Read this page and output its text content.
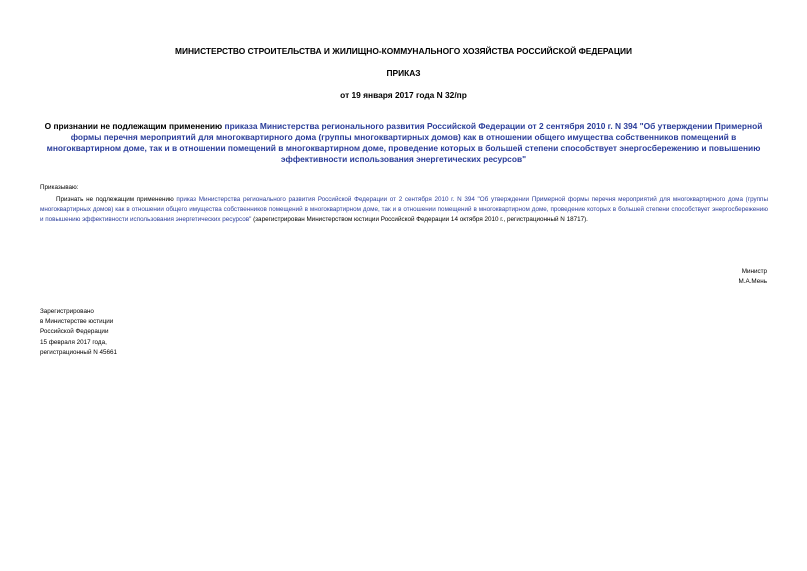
МИНИСТЕРСТВО СТРОИТЕЛЬСТВА И ЖИЛИЩНО-КОММУНАЛЬНОГО ХОЗЯЙСТВА РОССИЙСКОЙ ФЕДЕРАЦИИ
ПРИКАЗ
от 19 января 2017 года N 32/пр
О признании не подлежащим применению приказа Министерства регионального развития Российской Федерации от 2 сентября 2010 г. N 394 "Об утверждении Примерной формы перечня мероприятий для многоквартирного дома (группы многоквартирных домов) как в отношении общего имущества собственников помещений в многоквартирном доме, так и в отношении помещений в многоквартирном доме, проведение которых в большей степени способствует энергосбережению и повышению эффективности использования энергетических ресурсов"
Приказываю:
Признать не подлежащим применению приказ Министерства регионального развития Российской Федерации от 2 сентября 2010 г. N 394 "Об утверждении Примерной формы перечня мероприятий для многоквартирного дома (группы многоквартирных домов) как в отношении общего имущества собственников помещений в многоквартирном доме, так и в отношении помещений в многоквартирном доме, проведение которых в большей степени способствует энергосбережению и повышению эффективности использования энергетических ресурсов" (зарегистрирован Министерством юстиции Российской Федерации 14 октября 2010 г., регистрационный N 18717).
Министр
М.А.Мень
Зарегистрировано
в Министерстве юстиции
Российской Федерации
15 февраля 2017 года,
регистрационный N 45661
